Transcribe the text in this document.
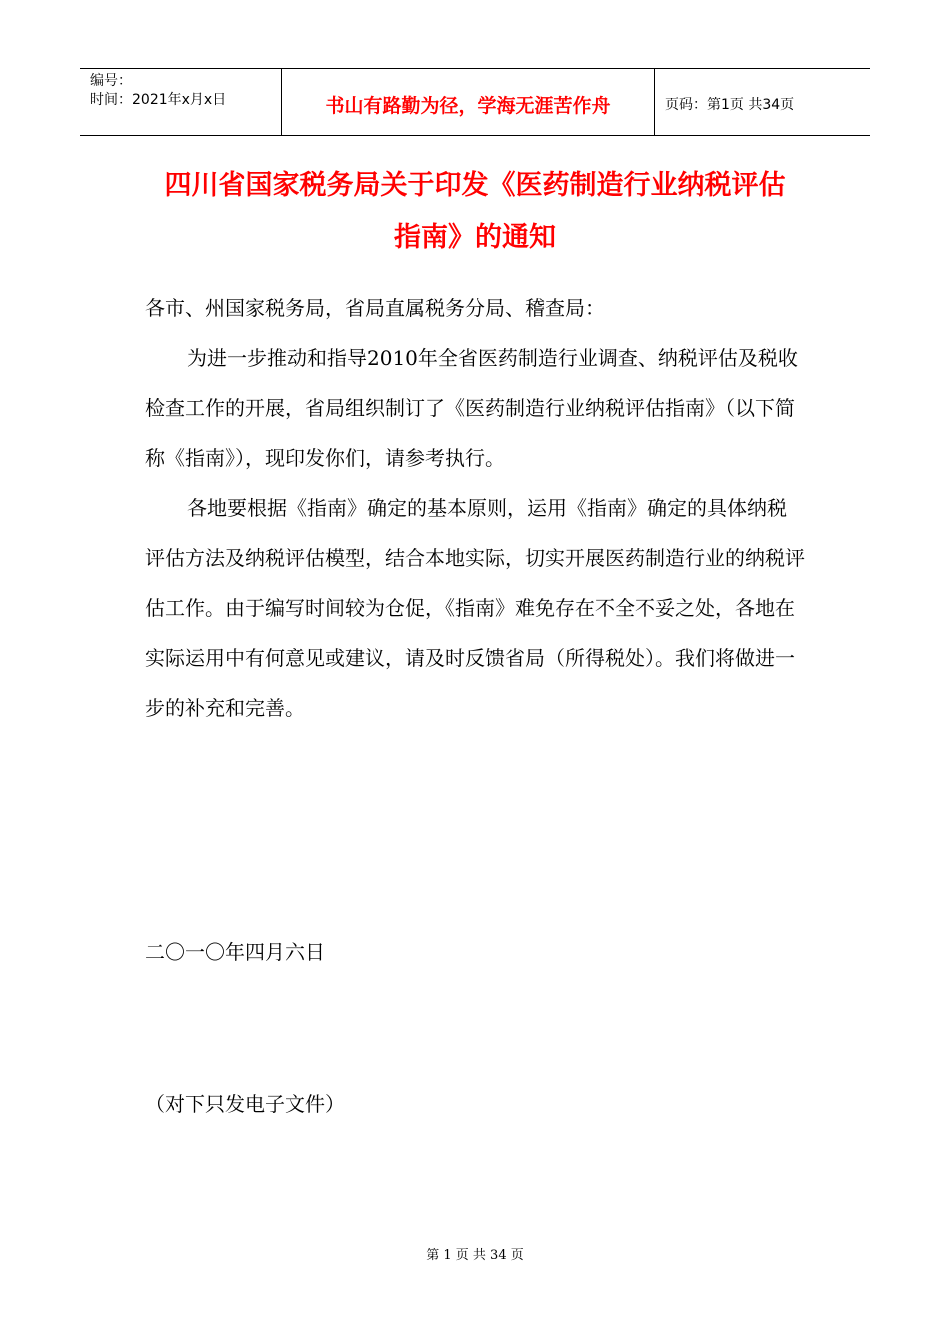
编号：
时间：2021年x月x日	书山有路勤为径，学海无涯苦作舟	页码：第1页 共34页
四川省国家税务局关于印发《医药制造行业纳税评估
指南》的通知

各市、州国家税务局，省局直属税务分局、稽查局：

为进一步推动和指导2010年全省医药制造行业调查、纳税评估及税收检查工作的开展，省局组织制订了《医药制造行业纳税评估指南》（以下简称《指南》），现印发你们，请参考执行。

各地要根据《指南》确定的基本原则，运用《指南》确定的具体纳税评估方法及纳税评估模型，结合本地实际，切实开展医药制造行业的纳税评估工作。由于编写时间较为仓促，《指南》难免存在不全不妥之处，各地在实际运用中有何意见或建议，请及时反馈省局（所得税处）。我们将做进一步的补充和完善。

二〇一〇年四月六日
（对下只发电子文件）
第 1 页 共 34 页
